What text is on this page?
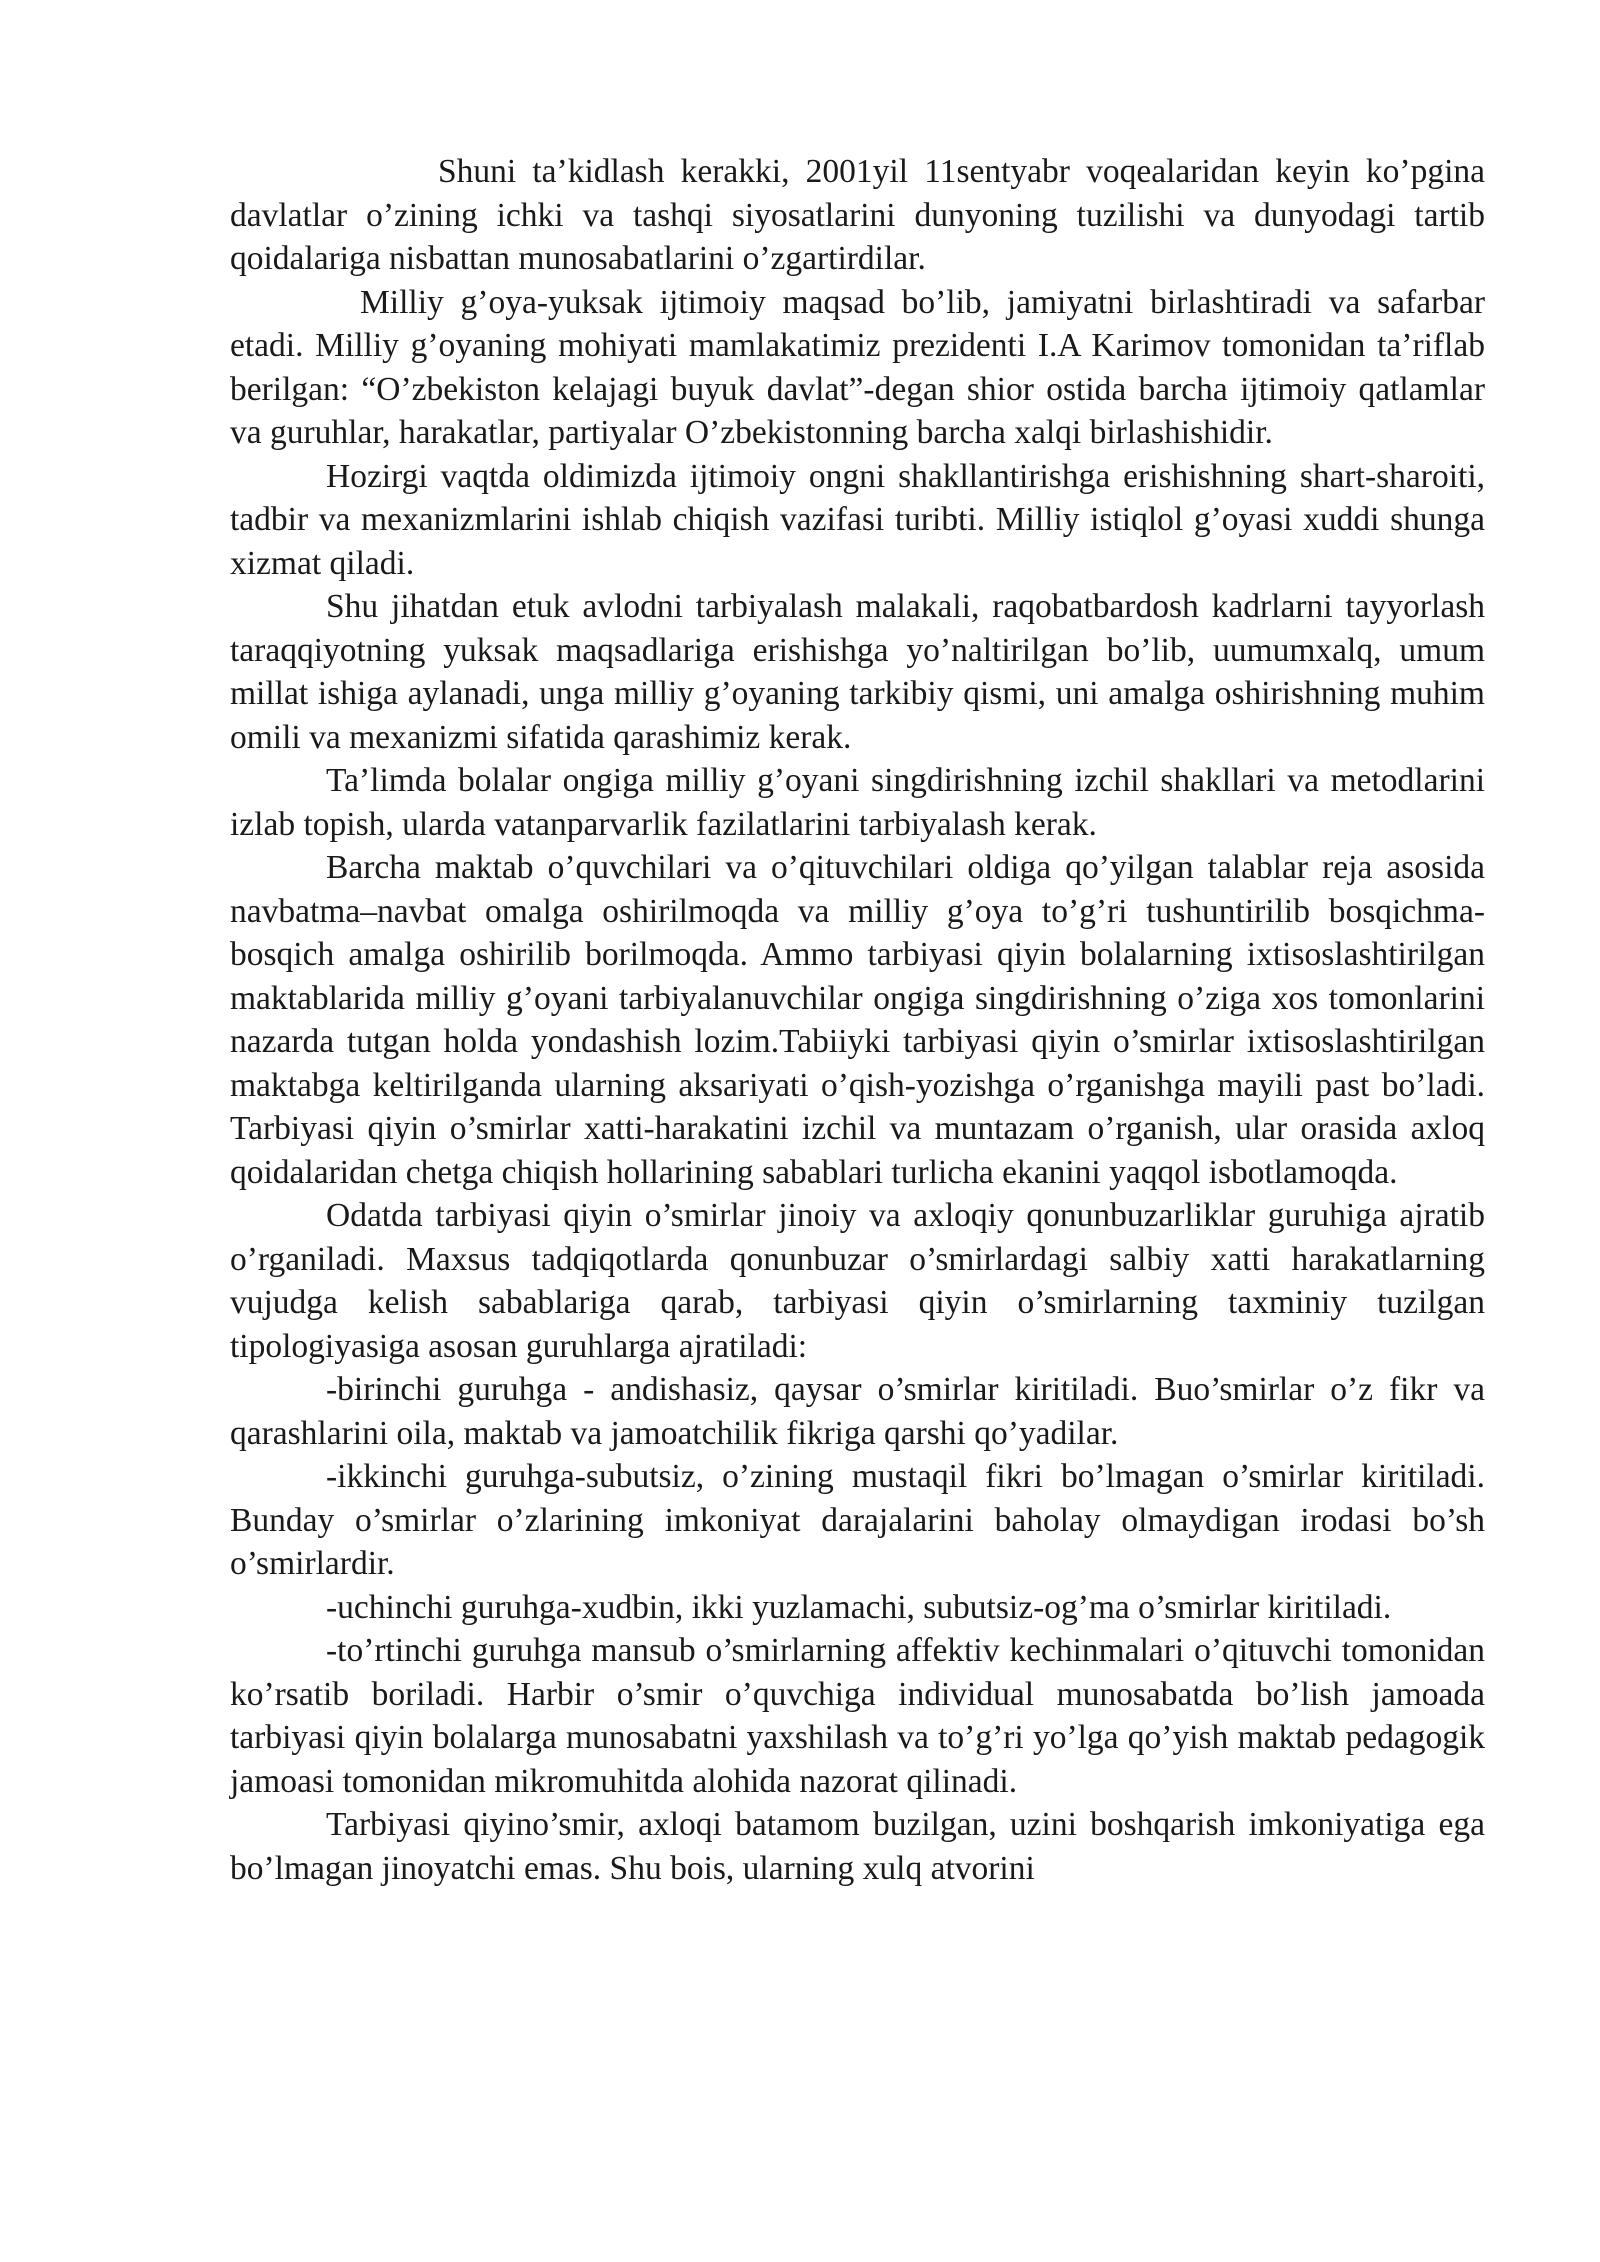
Shuni ta’kidlash kerakki, 2001yil 11sentyabr voqealaridan keyin ko’pgina davlatlar o’zining ichki va tashqi siyosatlarini dunyoning tuzilishi va dunyodagi tartib qoidalariga nisbattan munosabatlarini o’zgartirdilar.

Milliy g’oya-yuksak ijtimoiy maqsad bo’lib, jamiyatni birlashtiradi va safarbar etadi. Milliy g’oyaning mohiyati mamlakatimiz prezidenti I.A Karimov tomonidan ta’riflab berilgan: “O’zbekiston kelajagi buyuk davlat”-degan shior ostida barcha ijtimoiy qatlamlar va guruhlar, harakatlar, partiyalar O’zbekistonning barcha xalqi birlashishidir.

Hozirgi vaqtda oldimizda ijtimoiy ongni shakllantirishga erishishning shart-sharoiti, tadbir va mexanizmlarini ishlab chiqish vazifasi turibti. Milliy istiqlol g’oyasi xuddi shunga xizmat qiladi.

Shu jihatdan etuk avlodni tarbiyalash malakali, raqobatbardosh kadrlarni tayyorlash taraqqiyotning yuksak maqsadlariga erishishga yo’naltirilgan bo’lib, uumumxalq, umum millat ishiga aylanadi, unga milliy g’oyaning tarkibiy qismi, uni amalga oshirishning muhim omili va mexanizmi sifatida qarashimiz kerak.

Ta’limda bolalar ongiga milliy g’oyani singdirishning izchil shakllari va metodlarini izlab topish, ularda vatanparvarlik fazilatlarini tarbiyalash kerak.

Barcha maktab o’quvchilari va o’qituvchilari oldiga qo’yilgan talablar reja asosida navbatma–navbat omalga oshirilmoqda va milliy g’oya to’g’ri tushuntirilib bosqichma-bosqich amalga oshirilib borilmoqda. Ammo tarbiyasi qiyin bolalarning ixtisoslashtirilgan maktablarida milliy g’oyani tarbiyalanuvchilar ongiga singdirishning o’ziga xos tomonlarini nazarda tutgan holda yondashish lozim.Tabiiyki tarbiyasi qiyin o’smirlar ixtisoslashtirilgan maktabga keltirilganda ularning aksariyati o’qish-yozishga o’rganishga mayili past bo’ladi. Tarbiyasi qiyin o’smirlar xatti-harakatini izchil va muntazam o’rganish, ular orasida axloq qoidalaridan chetga chiqish hollarining sabablari turlicha ekanini yaqqol isbotlamoqda.

Odatda tarbiyasi qiyin o’smirlar jinoiy va axloqiy qonunbuzarliklar guruhiga ajratib o’rganiladi. Maxsus tadqiqotlarda qonunbuzar o’smirlardagi salbiy xatti harakatlarning vujudga kelish sabablariga qarab, tarbiyasi qiyin o’smirlarning taxminiy tuzilgan tipologiyasiga asosan guruhlarga ajratiladi:

-birinchi guruhga - andishasiz, qaysar o’smirlar kiritiladi. Buo’smirlar o’z fikr va qarashlarini oila, maktab va jamoatchilik fikriga qarshi qo’yadilar.

-ikkinchi guruhga-subutsiz, o’zining mustaqil fikri bo’lmagan o’smirlar kiritiladi. Bunday o’smirlar o’zlarining imkoniyat darajalarini baholay olmaydigan irodasi bo’sh o’smirlardir.

-uchinchi guruhga-xudbin, ikki yuzlamachi, subutsiz-og’ma o’smirlar kiritiladi.

-to’rtinchi guruhga mansub o’smirlarning affektiv kechinmalari o’qituvchi tomonidan ko’rsatib boriladi. Harbir o’smir o’quvchiga individual munosabatda bo’lish jamoada tarbiyasi qiyin bolalarga munosabatni yaxshilash va to’g’ri yo’lga qo’yish maktab pedagogik jamoasi tomonidan mikromuhitda alohida nazorat qilinadi.

Tarbiyasi qiyino’smir, axloqi batamom buzilgan, uzini boshqarish imkoniyatiga ega bo’lmagan jinoyatchi emas. Shu bois, ularning xulq atvorini
